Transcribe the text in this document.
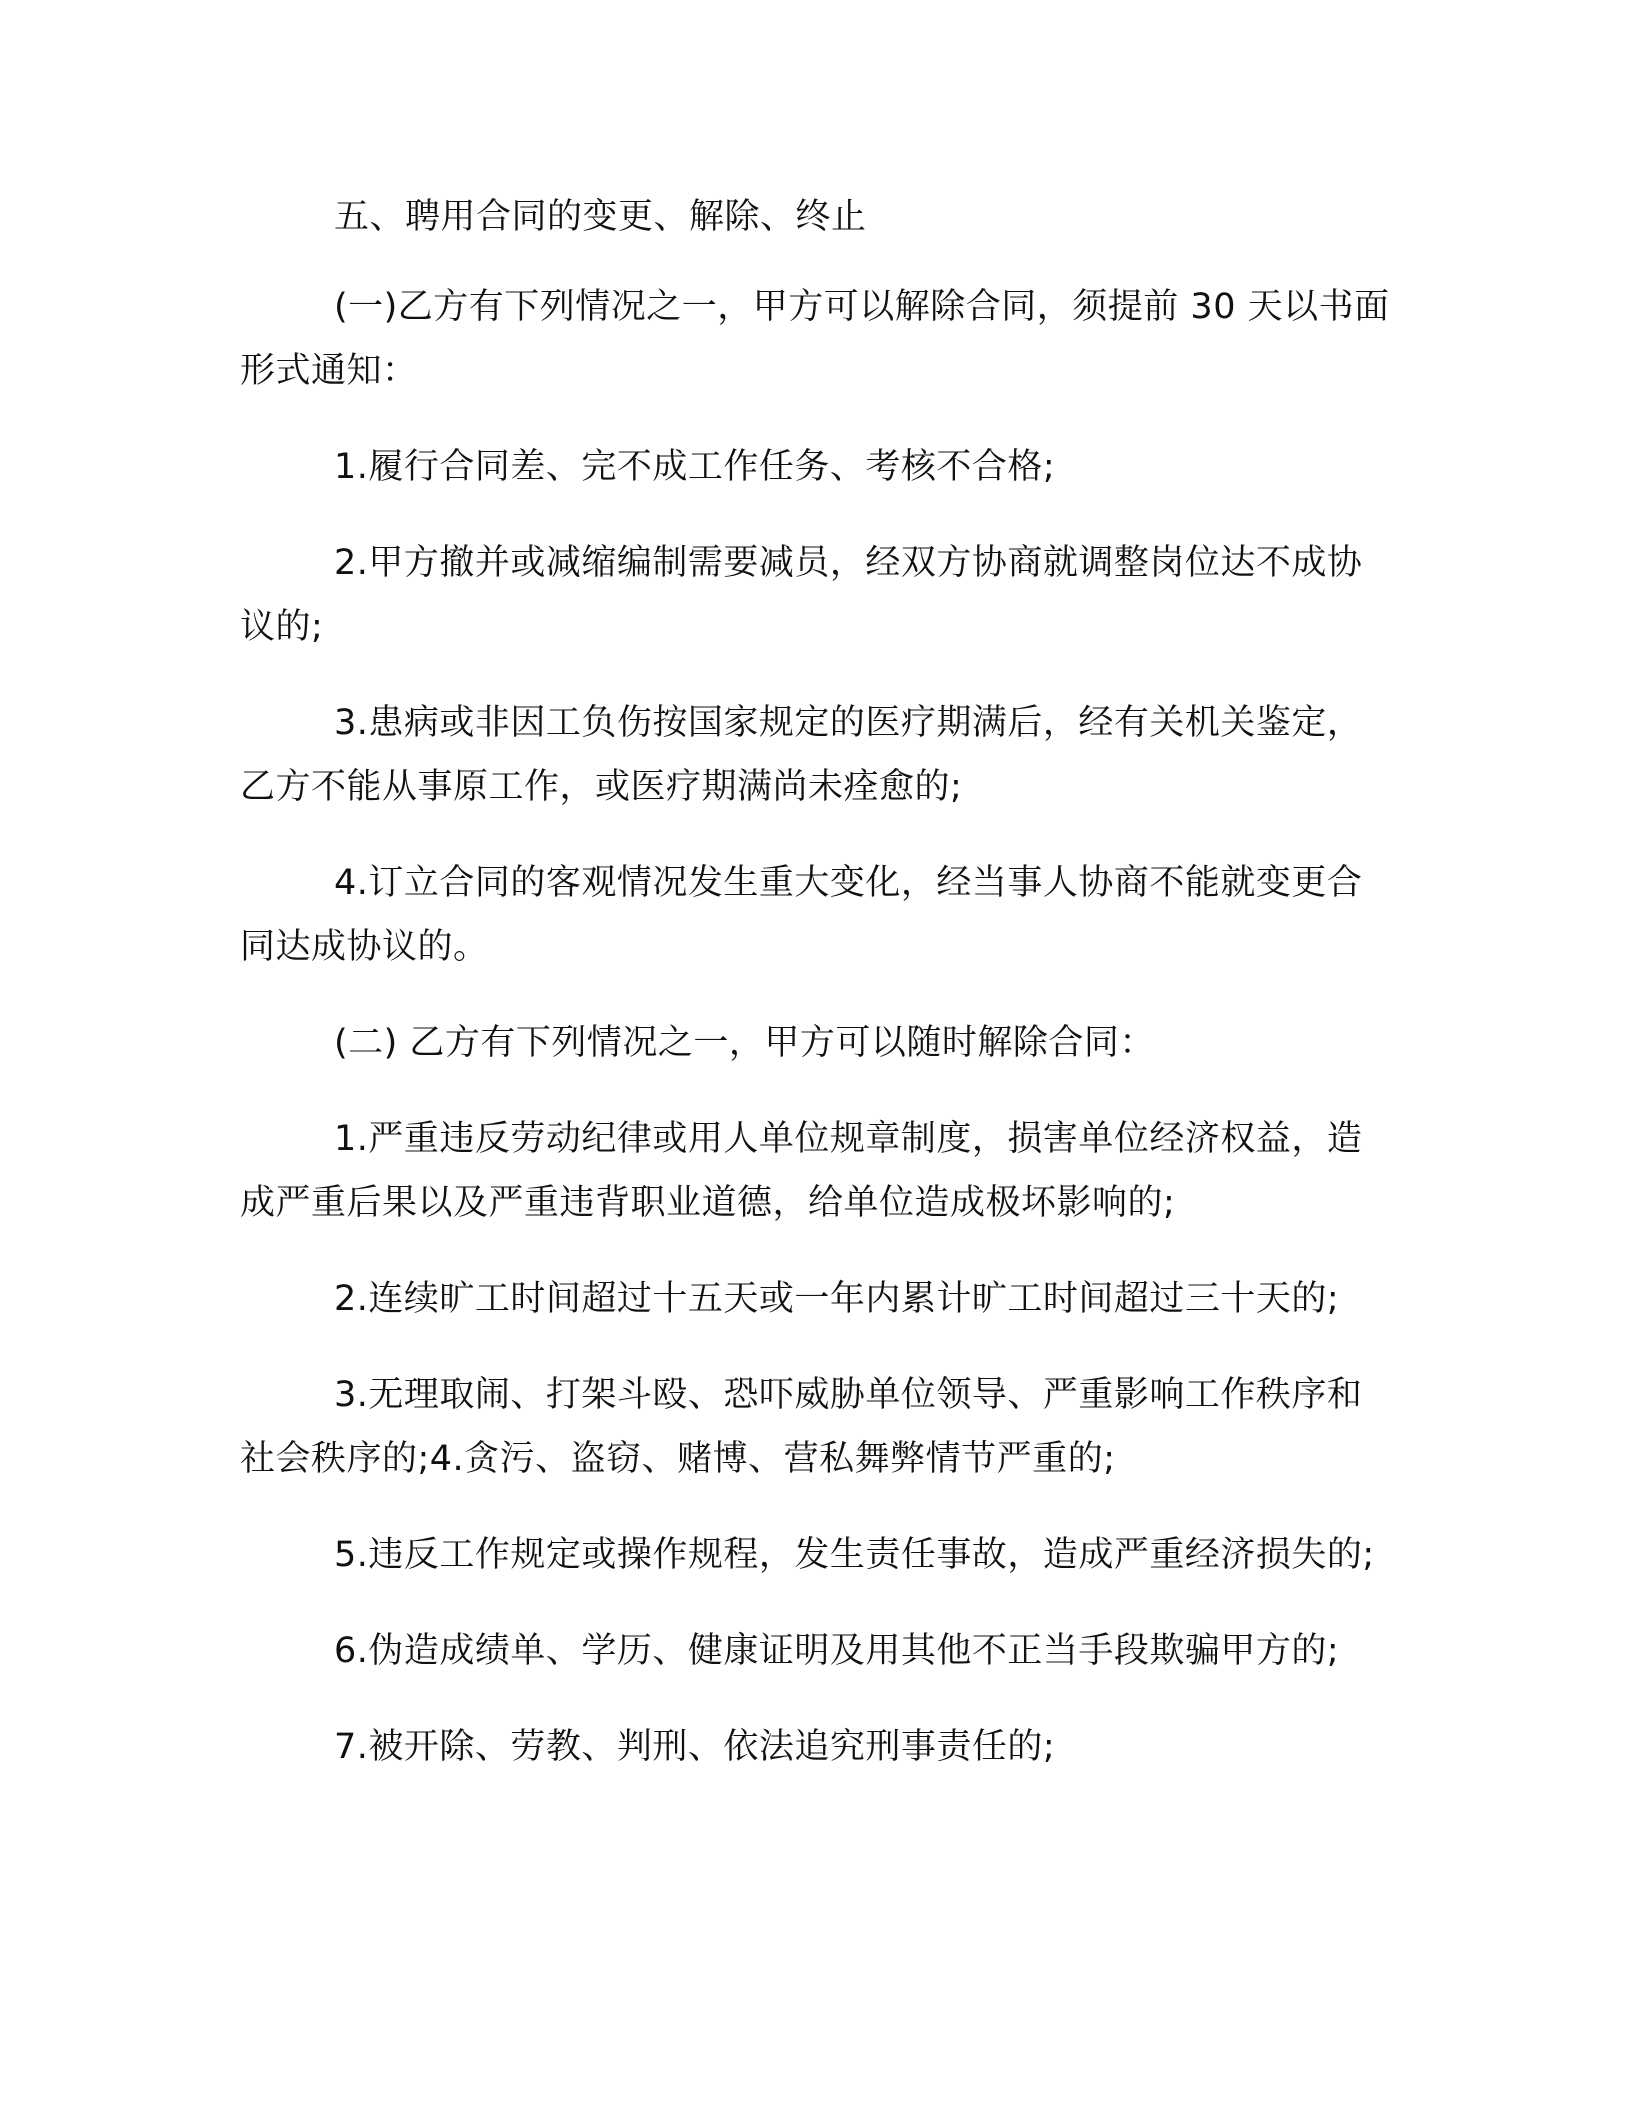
五、聘用合同的变更、解除、终止

(一)乙方有下列情况之一，甲方可以解除合同，须提前 30 天以书面形式通知：

1.履行合同差、完不成工作任务、考核不合格;

2.甲方撤并或减缩编制需要减员，经双方协商就调整岗位达不成协议的;

3.患病或非因工负伤按国家规定的医疗期满后，经有关机关鉴定，乙方不能从事原工作，或医疗期满尚未痊愈的;

4.订立合同的客观情况发生重大变化，经当事人协商不能就变更合同达成协议的。

(二) 乙方有下列情况之一，甲方可以随时解除合同：

1.严重违反劳动纪律或用人单位规章制度，损害单位经济权益，造成严重后果以及严重违背职业道德，给单位造成极坏影响的;

2.连续旷工时间超过十五天或一年内累计旷工时间超过三十天的;

3.无理取闹、打架斗殴、恐吓威胁单位领导、严重影响工作秩序和社会秩序的;4.贪污、盗窃、赌博、营私舞弊情节严重的;

5.违反工作规定或操作规程，发生责任事故，造成严重经济损失的;

6.伪造成绩单、学历、健康证明及用其他不正当手段欺骗甲方的;

7.被开除、劳教、判刑、依法追究刑事责任的;
